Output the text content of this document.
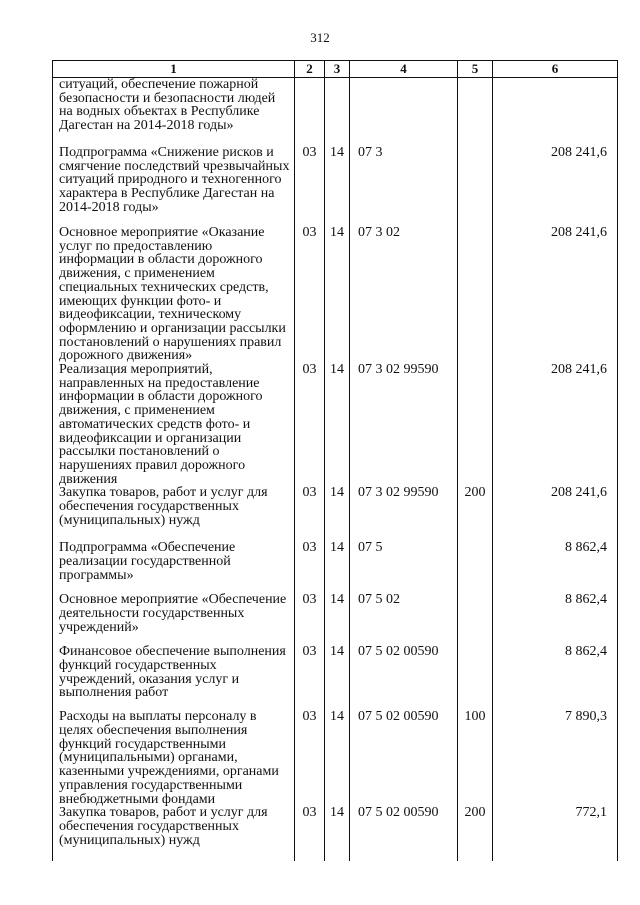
312
1	2	3	4	5	6
ситуаций, обеспечение пожарной безопасности и безопасности людей на водных объектах в Республике Дагестан на 2014-2018 годы»					
Подпрограмма «Снижение рисков и смягчение последствий чрезвычайных ситуаций природного и техногенного характера в Республике Дагестан на 2014-2018 годы»	03	14	07 3		208 241,6
Основное мероприятие «Оказание услуг по предоставлению информации в области дорожного движения, с применением специальных технических средств, имеющих функции фото- и видеофиксации, техническому оформлению и организации рассылки постановлений о нарушениях правил дорожного движения»	03	14	07 3 02		208 241,6
Реализация мероприятий, направленных на предоставление информации в области дорожного движения, с применением автоматических средств фото- и видеофиксации и организации рассылки постановлений о нарушениях правил дорожного движения	03	14	07 3 02 99590		208 241,6
Закупка товаров, работ и услуг для обеспечения государственных (муниципальных) нужд	03	14	07 3 02 99590	200	208 241,6
Подпрограмма «Обеспечение реализации государственной программы»	03	14	07 5		8 862,4
Основное мероприятие «Обеспечение деятельности государственных учреждений»	03	14	07 5 02		8 862,4
Финансовое обеспечение выполнения функций государственных учреждений, оказания услуг и выполнения работ	03	14	07 5 02 00590		8 862,4
Расходы на выплаты персоналу в целях обеспечения выполнения функций государственными (муниципальными) органами, казенными учреждениями, органами управления государственными внебюджетными фондами	03	14	07 5 02 00590	100	7 890,3
Закупка товаров, работ и услуг для обеспечения государственных (муниципальных) нужд	03	14	07 5 02 00590	200	772,1
